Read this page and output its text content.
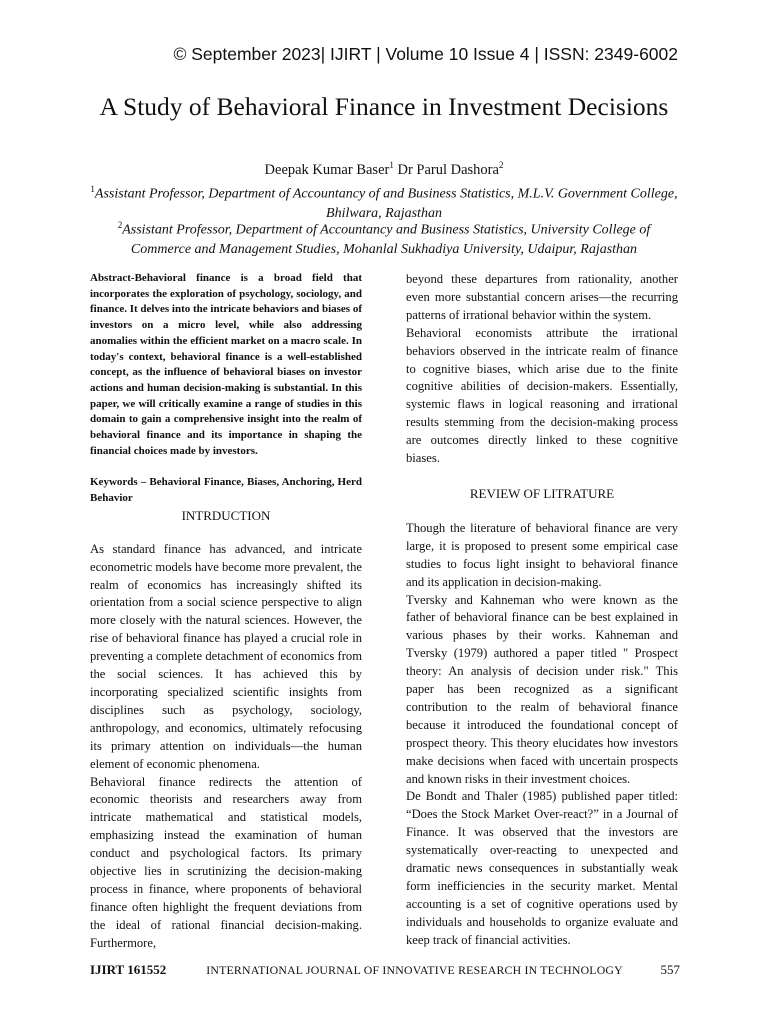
© September 2023| IJIRT | Volume 10 Issue 4 | ISSN: 2349-6002
A Study of Behavioral Finance in Investment Decisions
Deepak Kumar Baser$^1$ Dr Parul Dashora$^2$
$^1$Assistant Professor, Department of Accountancy of and Business Statistics, M.L.V. Government College,
Bhilwara, Rajasthan
$^2$Assistant Professor, Department of Accountancy and Business Statistics, University College of
Commerce and Management Studies, Mohanlal Sukhadiya University, Udaipur, Rajasthan

Abstract-Behavioral finance is a broad field that incorporates the exploration of psychology, sociology, and finance. It delves into the intricate behaviors and biases of investors on a micro level, while also addressing anomalies within the efficient market on a macro scale. In today's context, behavioral finance is a well-established concept, as the influence of behavioral biases on investor actions and human decision-making is substantial. In this paper, we will critically examine a range of studies in this domain to gain a comprehensive insight into the realm of behavioral finance and its importance in shaping the financial choices made by investors.

Keywords – Behavioral Finance, Biases, Anchoring, Herd Behavior

INTRDUCTION

As standard finance has advanced, and intricate econometric models have become more prevalent, the realm of economics has increasingly shifted its orientation from a social science perspective to align more closely with the natural sciences. However, the rise of behavioral finance has played a crucial role in preventing a complete detachment of economics from the social sciences. It has achieved this by incorporating specialized scientific insights from disciplines such as psychology, sociology, anthropology, and economics, ultimately refocusing its primary attention on individuals—the human element of economic phenomena.

Behavioral finance redirects the attention of economic theorists and researchers away from intricate mathematical and statistical models, emphasizing instead the examination of human conduct and psychological factors. Its primary objective lies in scrutinizing the decision-making process in finance, where proponents of behavioral finance often highlight the frequent deviations from the ideal of rational financial decision-making. Furthermore,

beyond these departures from rationality, another even more substantial concern arises—the recurring patterns of irrational behavior within the system.

Behavioral economists attribute the irrational behaviors observed in the intricate realm of finance to cognitive biases, which arise due to the finite cognitive abilities of decision-makers. Essentially, systemic flaws in logical reasoning and irrational results stemming from the decision-making process are outcomes directly linked to these cognitive biases.

REVIEW OF LITRATURE

Though the literature of behavioral finance are very large, it is proposed to present some empirical case studies to focus light insight to behavioral finance and its application in decision-making.

Tversky and Kahneman who were known as the father of behavioral finance can be best explained in various phases by their works. Kahneman and Tversky (1979) authored a paper titled " Prospect theory: An analysis of decision under risk." This paper has been recognized as a significant contribution to the realm of behavioral finance because it introduced the foundational concept of prospect theory. This theory elucidates how investors make decisions when faced with uncertain prospects and known risks in their investment choices.

De Bondt and Thaler (1985) published paper titled: “Does the Stock Market Over-react?” in a Journal of Finance. It was observed that the investors are systematically over-reacting to unexpected and dramatic news consequences in substantially weak form inefficiencies in the security market. Mental accounting is a set of cognitive operations used by individuals and households to organize evaluate and keep track of financial activities.

IJIRT 161552	INTERNATIONAL JOURNAL OF INNOVATIVE RESEARCH IN TECHNOLOGY	557
